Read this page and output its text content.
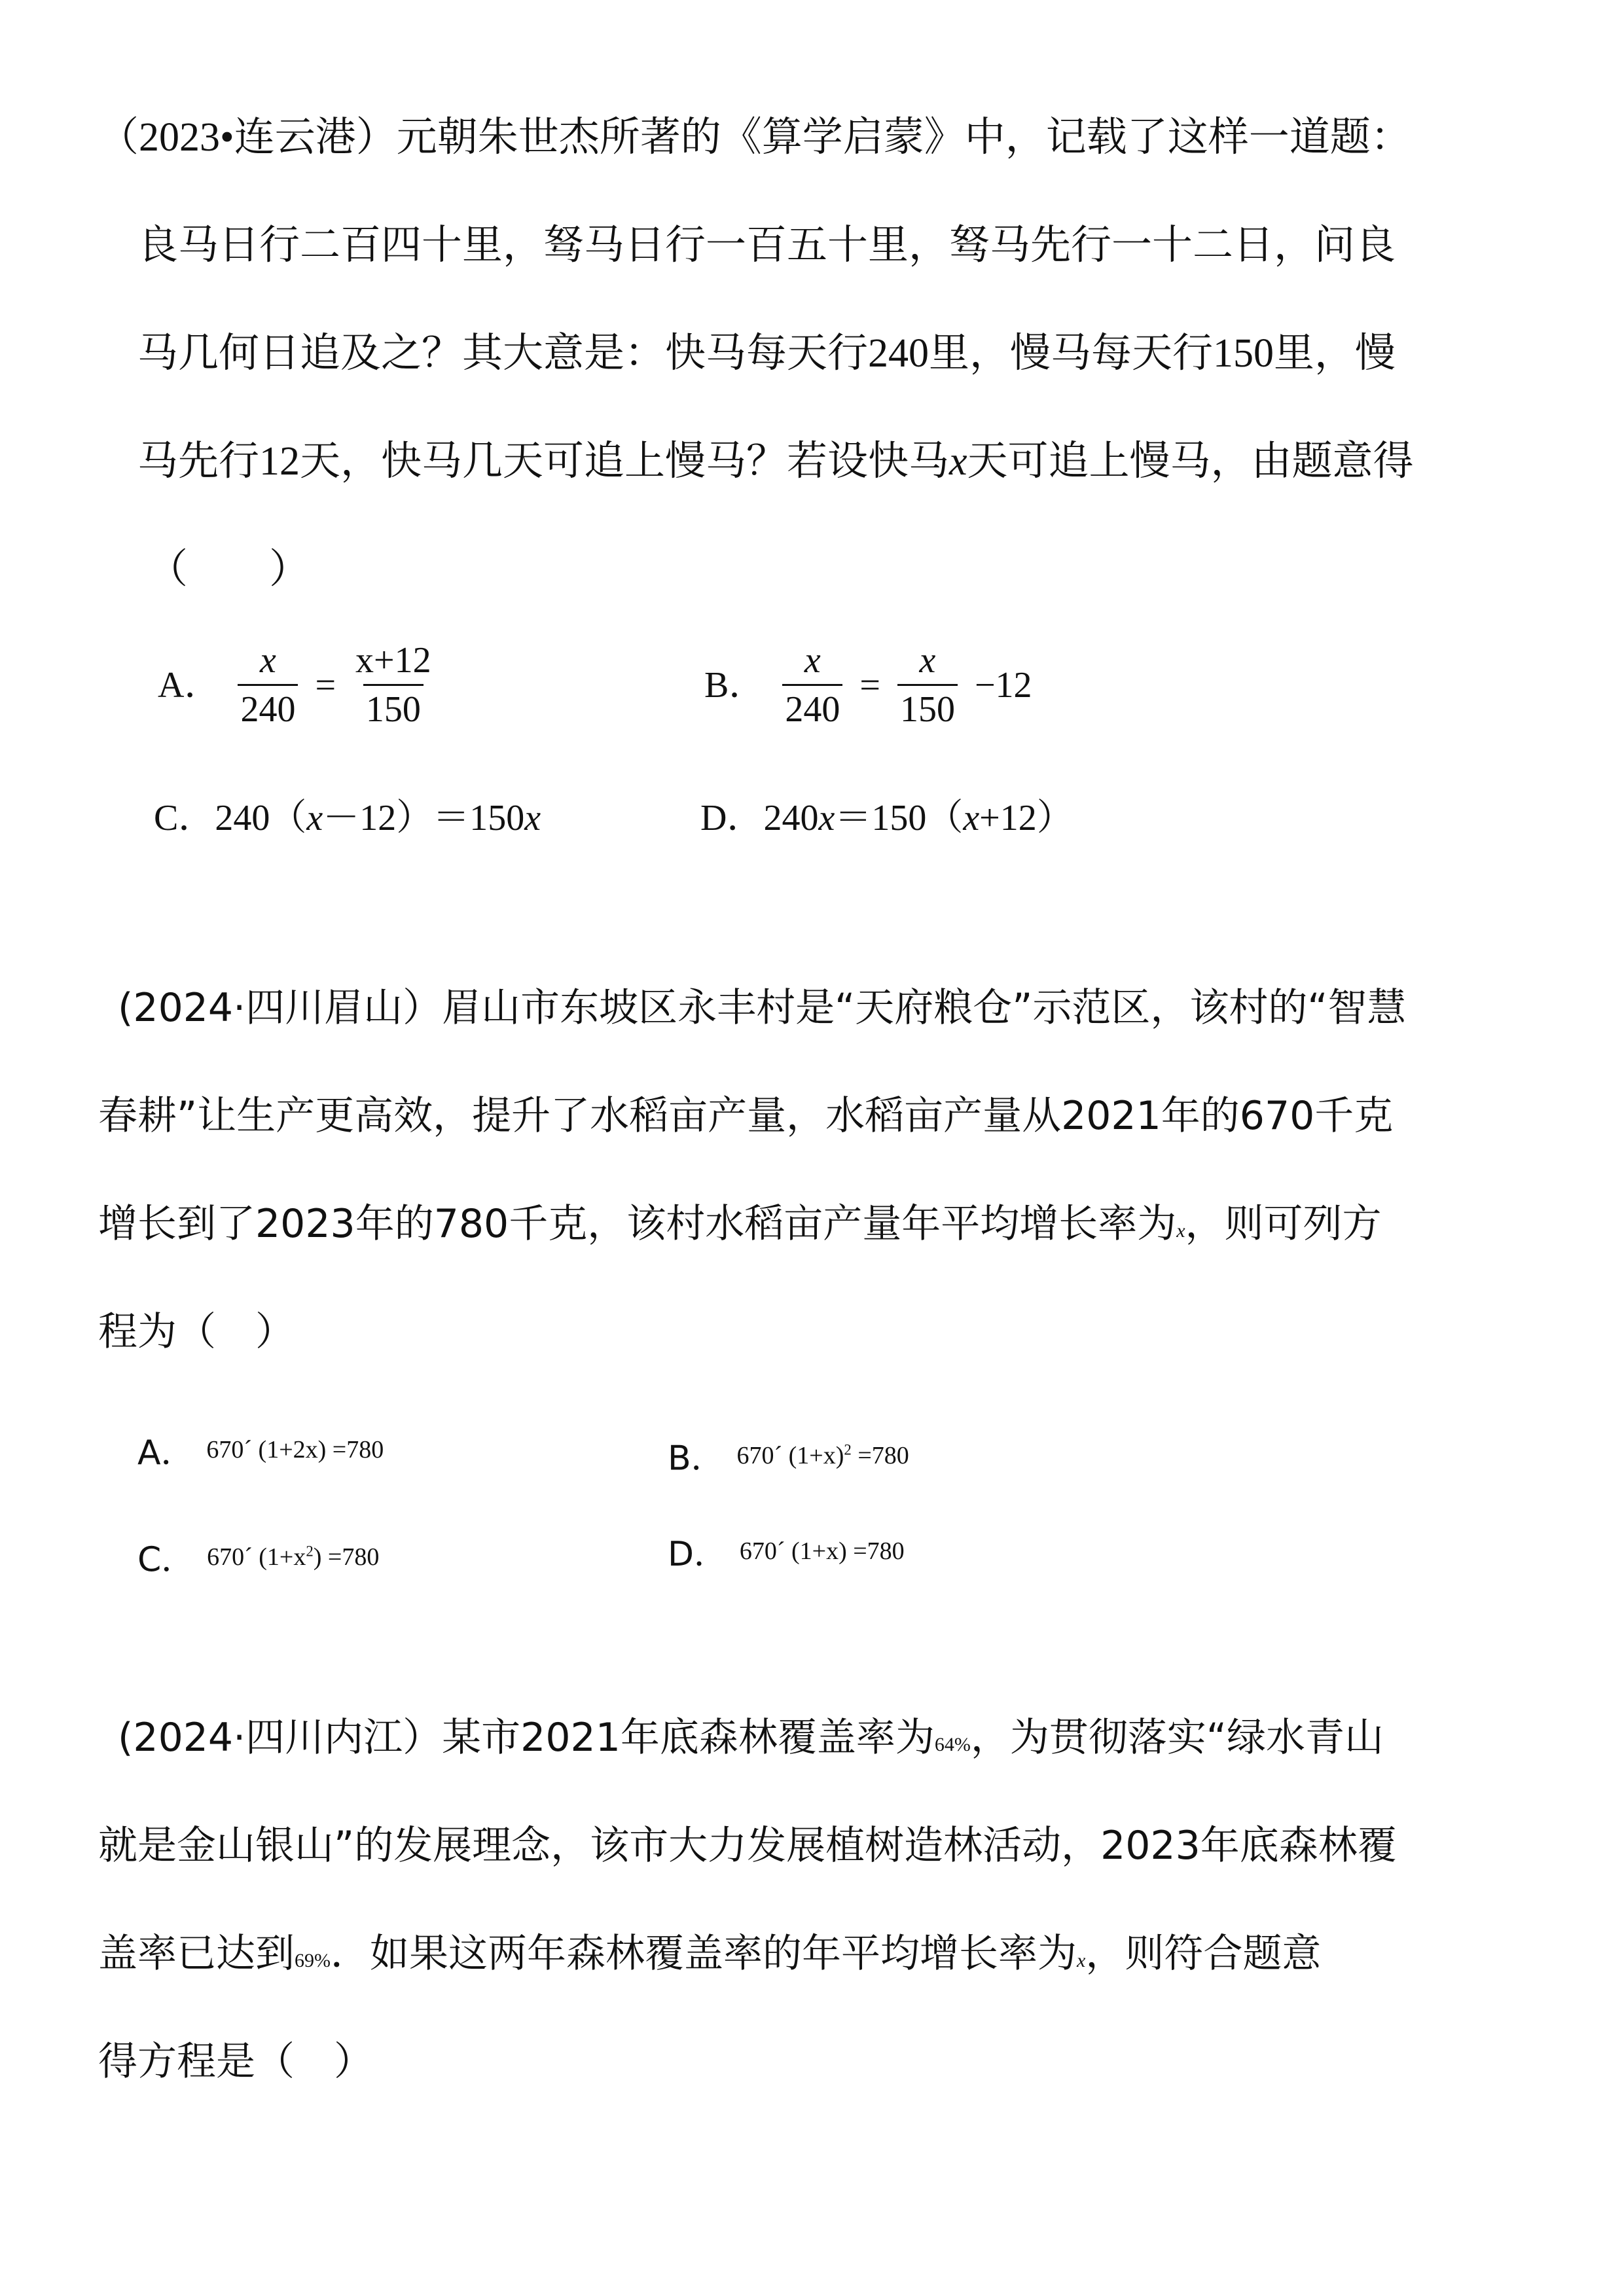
（2023•连云港）元朝朱世杰所著的《算学启蒙》中，记载了这样一道题：
良马日行二百四十里，驽马日行一百五十里，驽马先行一十二日，问良
马几何日追及之？其大意是：快马每天行240里，慢马每天行150里，慢
马先行12天，快马几天可追上慢马？若设快马x天可追上慢马，由题意得
（　　）
A． $\frac{x}{240} = \frac{x+12}{150}$	B． $\frac{x}{240} = \frac{x}{150} -12$
C．240（x－12）＝150x	D．240x＝150（x+12）
(2024·四川眉山）眉山市东坡区永丰村是“天府粮仓”示范区，该村的“智慧
春耕”让生产更高效，提升了水稻亩产量，水稻亩产量从2021年的670千克
增长到了2023年的780千克，该村水稻亩产量年平均增长率为x，则可列方
程为（　）
A． 670´ (1+2x) =780	B． 670´ $(1+x)^2 =780$
C． 670´ $(1+x^2) =780$	D． 670´ (1+x) =780
(2024·四川内江）某市2021年底森林覆盖率为64%，为贯彻落实“绿水青山
就是金山银山”的发展理念，该市大力发展植树造林活动，2023年底森林覆
盖率已达到69%．如果这两年森林覆盖率的年平均增长率为x，则符合题意
得方程是（　）
